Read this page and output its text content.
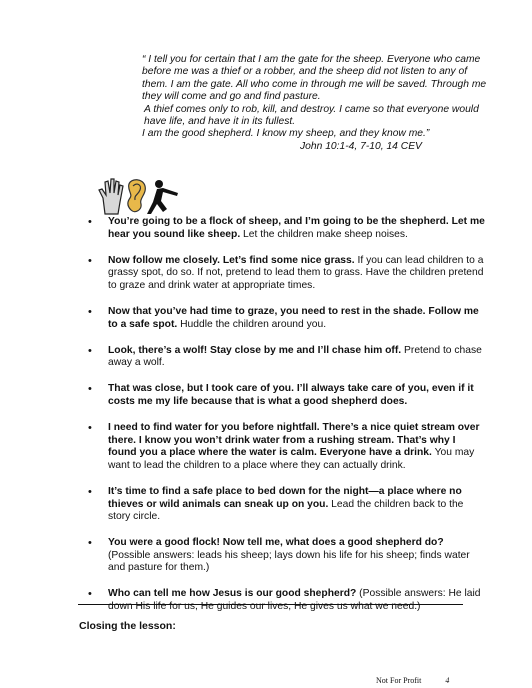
“ I tell you for certain that I am the gate for the sheep. Everyone who came before me was a thief or a robber, and the sheep did not listen to any of them. I am the gate. All who come in through me will be saved. Through me they will come and go and find pasture.
A thief comes only to rob, kill, and destroy. I came so that everyone would have life, and have it in its fullest.
I am the good shepherd. I know my sheep, and they know me.”
John 10:1-4, 7-10, 14 CEV
• You’re going to be a flock of sheep, and I’m going to be the shepherd. Let me hear you sound like sheep. Let the children make sheep noises.
• Now follow me closely. Let’s find some nice grass. If you can lead children to a grassy spot, do so. If not, pretend to lead them to grass. Have the children pretend to graze and drink water at appropriate times.
• Now that you’ve had time to graze, you need to rest in the shade. Follow me to a safe spot. Huddle the children around you.
• Look, there’s a wolf! Stay close by me and I’ll chase him off. Pretend to chase away a wolf.
• That was close, but I took care of you. I’ll always take care of you, even if it costs me my life because that is what a good shepherd does.
• I need to find water for you before nightfall. There’s a nice quiet stream over there. I know you won’t drink water from a rushing stream. That’s why I found you a place where the water is calm. Everyone have a drink. You may want to lead the children to a place where they can actually drink.
• It’s time to find a safe place to bed down for the night—a place where no thieves or wild animals can sneak up on you. Lead the children back to the story circle.
• You were a good flock! Now tell me, what does a good shepherd do? (Possible answers: leads his sheep; lays down his life for his sheep; finds water and pasture for them.)
• Who can tell me how Jesus is our good shepherd? (Possible answers: He laid down His life for us, He guides our lives, He gives us what we need.)
Closing the lesson:
Not For Profit	4
